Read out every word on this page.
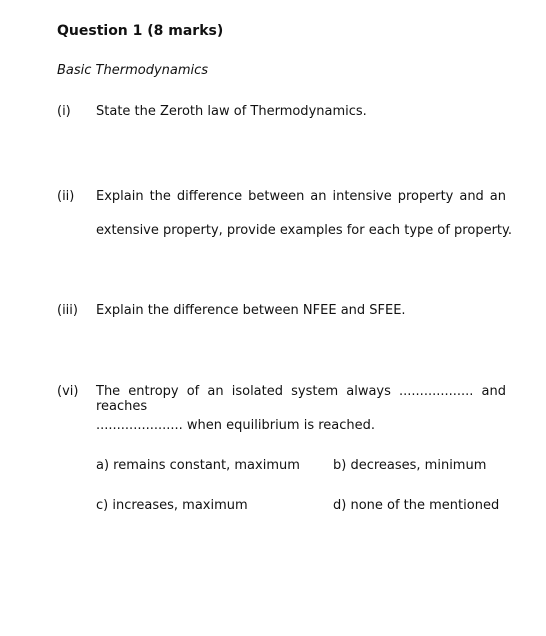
Question 1 (8 marks)
Basic Thermodynamics
(i) State the Zeroth law of Thermodynamics.
(ii) Explain the difference between an intensive property and an
extensive property, provide examples for each type of property.
(iii) Explain the difference between NFEE and SFEE.
(vi) The entropy of an isolated system always .................. and reaches
..................... when equilibrium is reached.
a) remains constant, maximum	b) decreases, minimum
c) increases, maximum	d) none of the mentioned
